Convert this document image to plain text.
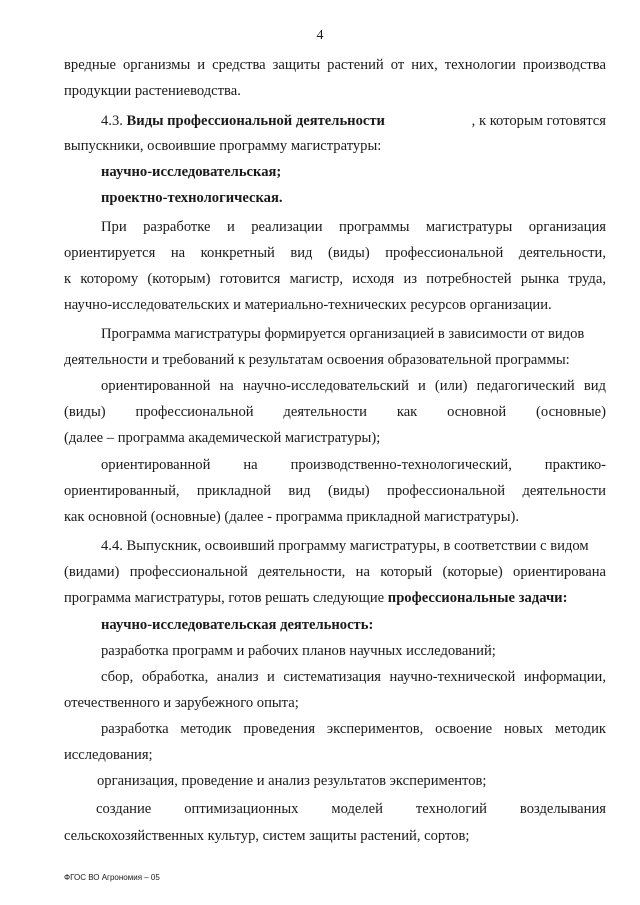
4
вредные организмы и средства защиты растений от них, технологии производства
продукции растениеводства.
4.3. Виды профессиональной деятельности	, к которым готовятся
выпускники, освоившие программу магистратуры:
научно-исследовательская;
проектно-технологическая.
При разработке и реализации программы магистратуры организация
ориентируется на конкретный вид (виды) профессиональной деятельности,
к которому (которым) готовится магистр, исходя из потребностей рынка труда,
научно-исследовательских и материально-технических ресурсов организации.
Программа магистратуры формируется организацией в зависимости от видов
деятельности и требований к результатам освоения образовательной программы:
ориентированной на научно-исследовательский и (или) педагогический вид
(виды) профессиональной деятельности как основной (основные)
(далее – программа академической магистратуры);
ориентированной на производственно-технологический, практико-
ориентированный, прикладной вид (виды) профессиональной деятельности
как основной (основные) (далее - программа прикладной магистратуры).
4.4. Выпускник, освоивший программу магистратуры, в соответствии с видом
(видами) профессиональной деятельности, на который (которые) ориентирована
программа магистратуры, готов решать следующие профессиональные задачи:
научно-исследовательская деятельность:
разработка программ и рабочих планов научных исследований;
сбор, обработка, анализ и систематизация научно-технической информации,
отечественного и зарубежного опыта;
разработка методик проведения экспериментов, освоение новых методик
исследования;
организация, проведение и анализ результатов экспериментов;
создание оптимизационных моделей технологий возделывания
сельскохозяйственных культур, систем защиты растений, сортов;
ФГОС ВО Агрономия – 05
